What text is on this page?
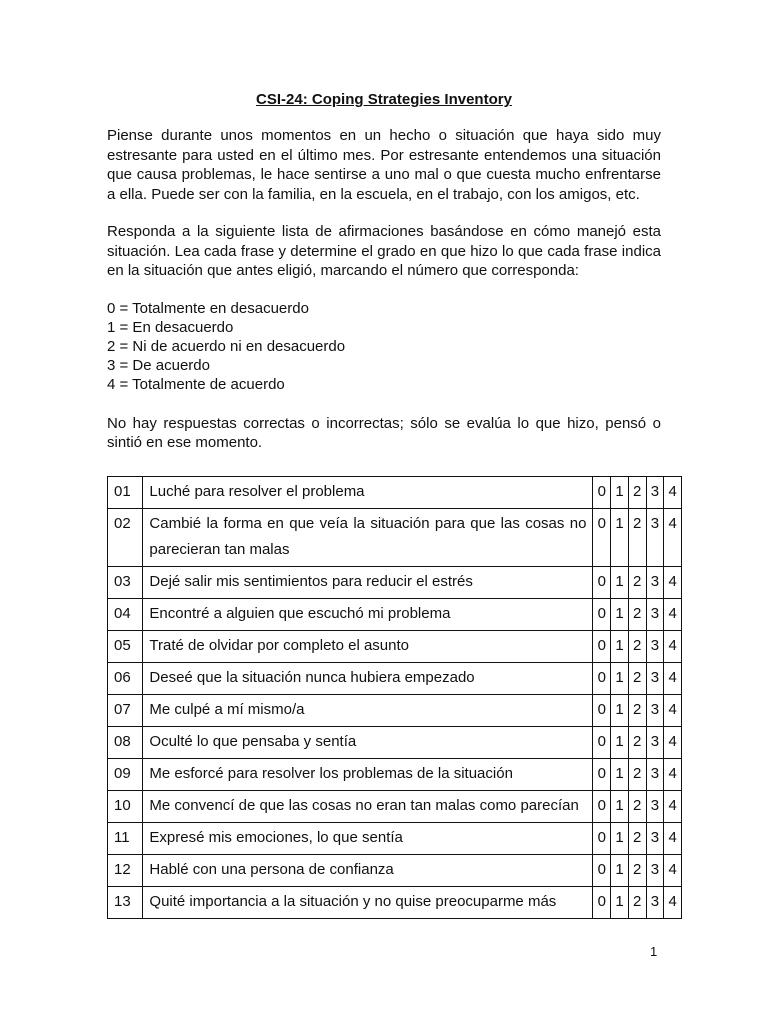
CSI-24: Coping Strategies Inventory

Piense durante unos momentos en un hecho o situación que haya sido muy estresante para usted en el último mes. Por estresante entendemos una situación que causa problemas, le hace sentirse a uno mal o que cuesta mucho enfrentarse a ella. Puede ser con la familia, en la escuela, en el trabajo, con los amigos, etc.

Responda a la siguiente lista de afirmaciones basándose en cómo manejó esta situación. Lea cada frase y determine el grado en que hizo lo que cada frase indica en la situación que antes eligió, marcando el número que corresponda:

0 = Totalmente en desacuerdo
1 = En desacuerdo
2 = Ni de acuerdo ni en desacuerdo
3 = De acuerdo
4 = Totalmente de acuerdo

No hay respuestas correctas o incorrectas; sólo se evalúa lo que hizo, pensó o sintió en ese momento.

01	Luché para resolver el problema	0	1	2	3	4
02	Cambié la forma en que veía la situación para que las cosas no parecieran tan malas	0	1	2	3	4
03	Dejé salir mis sentimientos para reducir el estrés	0	1	2	3	4
04	Encontré a alguien que escuchó mi problema	0	1	2	3	4
05	Traté de olvidar por completo el asunto	0	1	2	3	4
06	Deseé que la situación nunca hubiera empezado	0	1	2	3	4
07	Me culpé a mí mismo/a	0	1	2	3	4
08	Oculté lo que pensaba y sentía	0	1	2	3	4
09	Me esforcé para resolver los problemas de la situación	0	1	2	3	4
10	Me convencí de que las cosas no eran tan malas como parecían	0	1	2	3	4
11	Expresé mis emociones, lo que sentía	0	1	2	3	4
12	Hablé con una persona de confianza	0	1	2	3	4
13	Quité importancia a la situación y no quise preocuparme más	0	1	2	3	4
1
